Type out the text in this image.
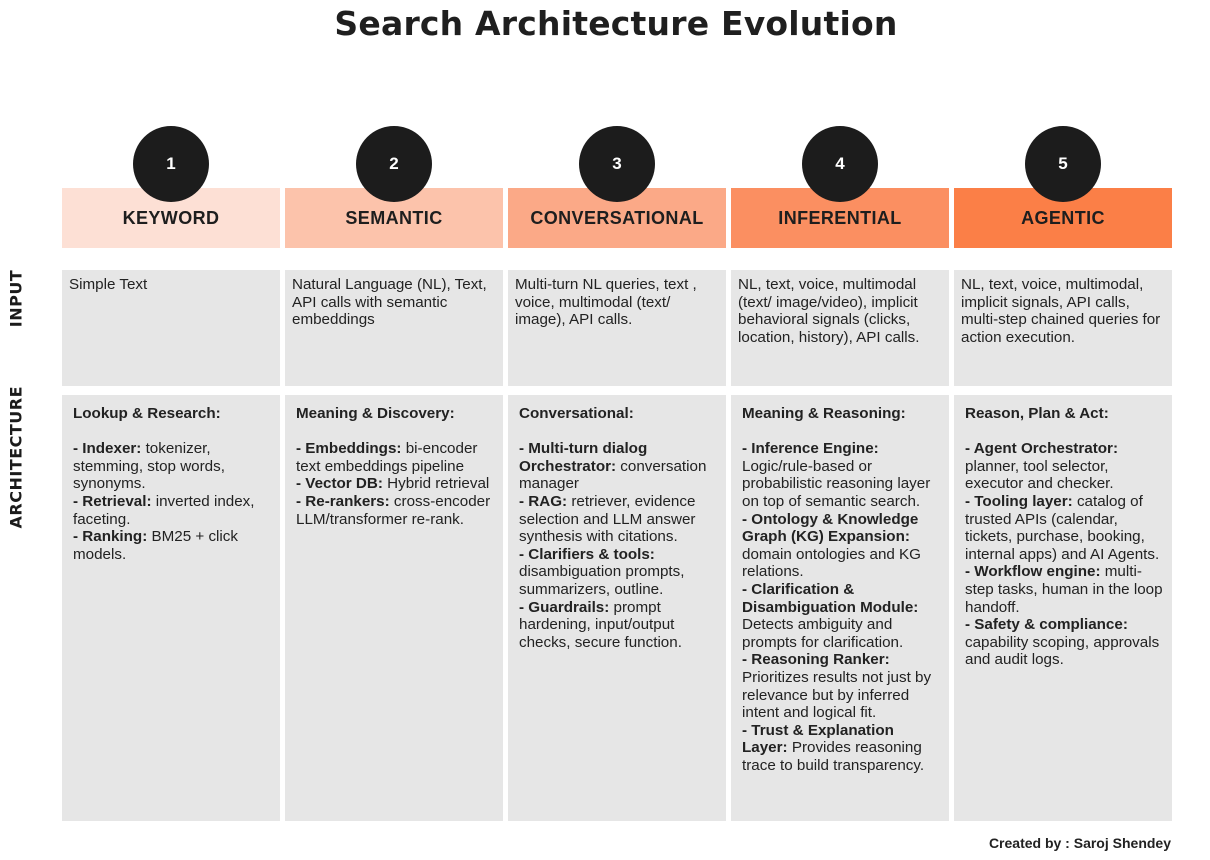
Search Architecture Evolution
INPUT
ARCHITECTURE
KEYWORD
1
Simple Text
Lookup & Research:
- Indexer: tokenizer, stemming, stop words, synonyms.
- Retrieval: inverted index, faceting.
- Ranking: BM25 + click models.
SEMANTIC
2
Natural Language (NL), Text, API calls with semantic embeddings
Meaning & Discovery:
- Embeddings: bi-encoder text embeddings pipeline
- Vector DB: Hybrid retrieval
- Re-rankers: cross-encoder LLM/transformer re-rank.
CONVERSATIONAL
3
Multi-turn NL queries, text , voice, multimodal (text/ image), API calls.
Conversational:
- Multi-turn dialog Orchestrator: conversation manager
- RAG: retriever, evidence selection and LLM answer synthesis with citations.
- Clarifiers & tools: disambiguation prompts, summarizers, outline.
- Guardrails: prompt hardening, input/output checks, secure function.
INFERENTIAL
4
NL, text, voice, multimodal (text/ image/video), implicit behavioral signals (clicks, location, history), API calls.
Meaning & Reasoning:
- Inference Engine: Logic/rule-based or probabilistic reasoning layer on top of semantic search.
- Ontology & Knowledge Graph (KG) Expansion: domain ontologies and KG relations.
- Clarification & Disambiguation Module: Detects ambiguity and prompts for clarification.
- Reasoning Ranker: Prioritizes results not just by relevance but by inferred intent and logical fit.
- Trust & Explanation Layer: Provides reasoning trace to build transparency.
AGENTIC
5
NL, text, voice, multimodal, implicit signals, API calls, multi-step chained queries for action execution.
Reason, Plan & Act:
- Agent Orchestrator: planner, tool selector, executor and checker.
- Tooling layer: catalog of trusted APIs (calendar, tickets, purchase, booking, internal apps) and AI Agents.
- Workflow engine: multi-step tasks, human in the loop handoff.
- Safety & compliance: capability scoping, approvals and audit logs.
Created by : Saroj Shendey
